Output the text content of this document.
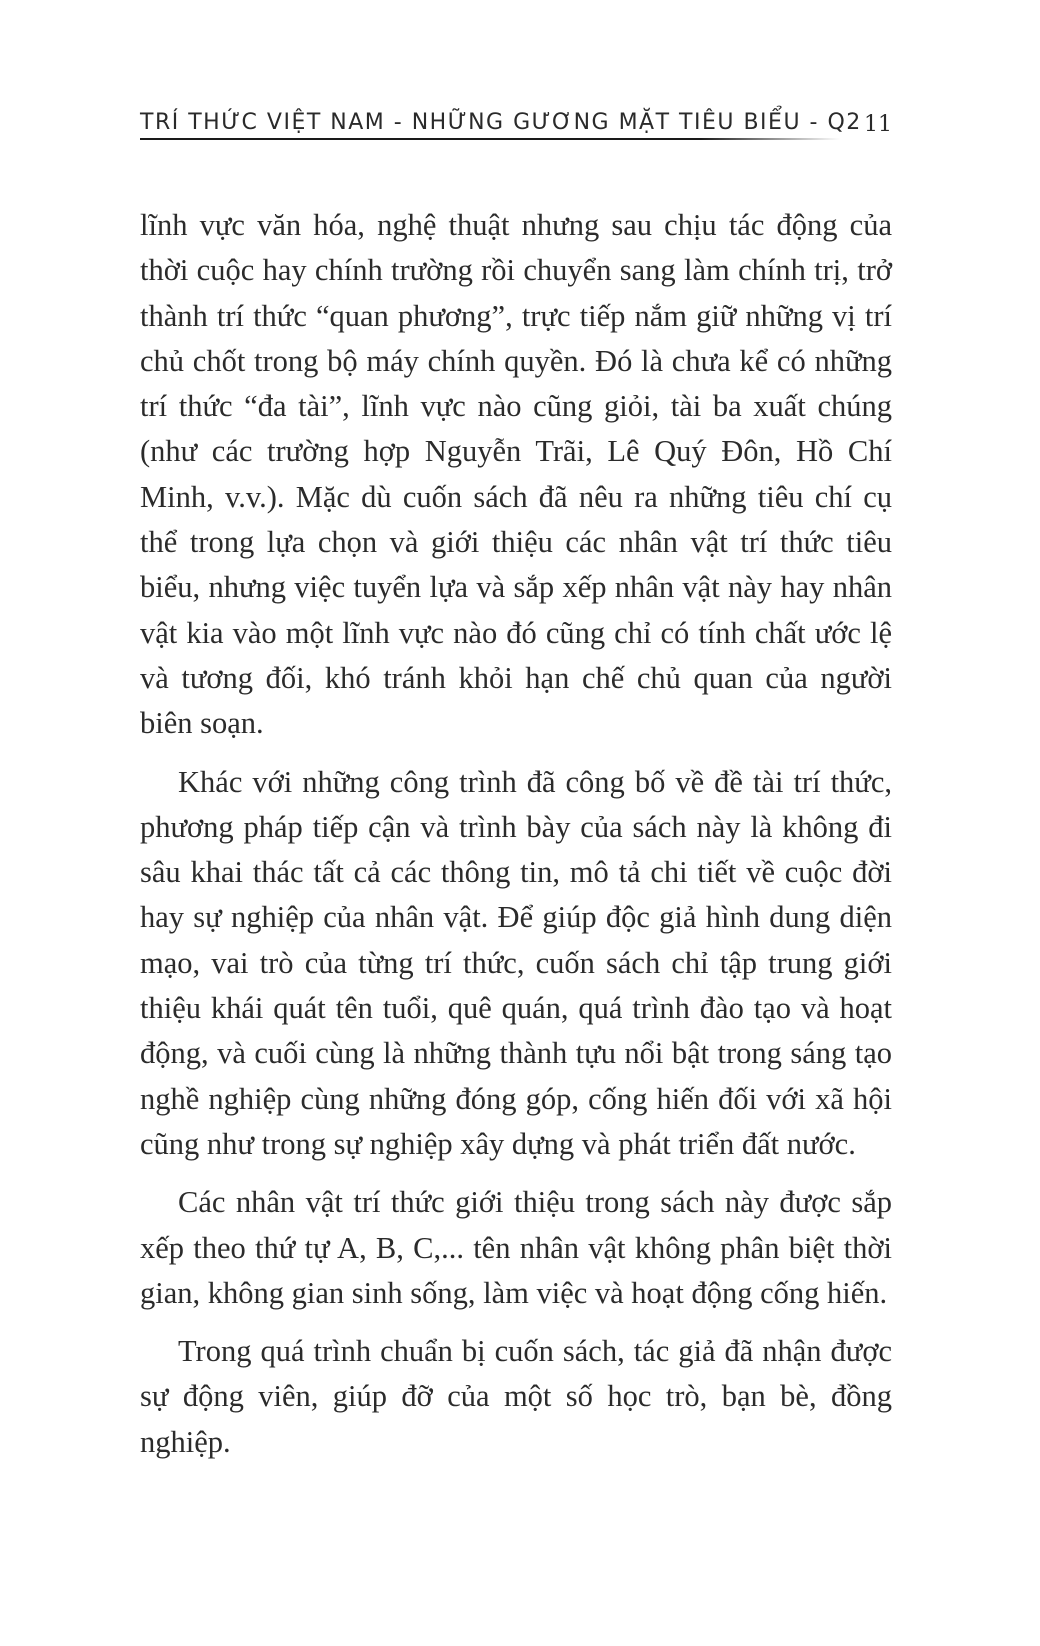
TRÍ THỨC VIỆT NAM - NHỮNG GƯƠNG MẶT TIÊU BIỂU - Q2 11

lĩnh vực văn hóa, nghệ thuật nhưng sau chịu tác động của thời cuộc hay chính trường rồi chuyển sang làm chính trị, trở thành trí thức “quan phương”, trực tiếp nắm giữ những vị trí chủ chốt trong bộ máy chính quyền. Đó là chưa kể có những trí thức “đa tài”, lĩnh vực nào cũng giỏi, tài ba xuất chúng (như các trường hợp Nguyễn Trãi, Lê Quý Đôn, Hồ Chí Minh, v.v.). Mặc dù cuốn sách đã nêu ra những tiêu chí cụ thể trong lựa chọn và giới thiệu các nhân vật trí thức tiêu biểu, nhưng việc tuyển lựa và sắp xếp nhân vật này hay nhân vật kia vào một lĩnh vực nào đó cũng chỉ có tính chất ước lệ và tương đối, khó tránh khỏi hạn chế chủ quan của người biên soạn.

Khác với những công trình đã công bố về đề tài trí thức, phương pháp tiếp cận và trình bày của sách này là không đi sâu khai thác tất cả các thông tin, mô tả chi tiết về cuộc đời hay sự nghiệp của nhân vật. Để giúp độc giả hình dung diện mạo, vai trò của từng trí thức, cuốn sách chỉ tập trung giới thiệu khái quát tên tuổi, quê quán, quá trình đào tạo và hoạt động, và cuối cùng là những thành tựu nổi bật trong sáng tạo nghề nghiệp cùng những đóng góp, cống hiến đối với xã hội cũng như trong sự nghiệp xây dựng và phát triển đất nước.

Các nhân vật trí thức giới thiệu trong sách này được sắp xếp theo thứ tự A, B, C,... tên nhân vật không phân biệt thời gian, không gian sinh sống, làm việc và hoạt động cống hiến.

Trong quá trình chuẩn bị cuốn sách, tác giả đã nhận được sự động viên, giúp đỡ của một số học trò, bạn bè, đồng nghiệp.
